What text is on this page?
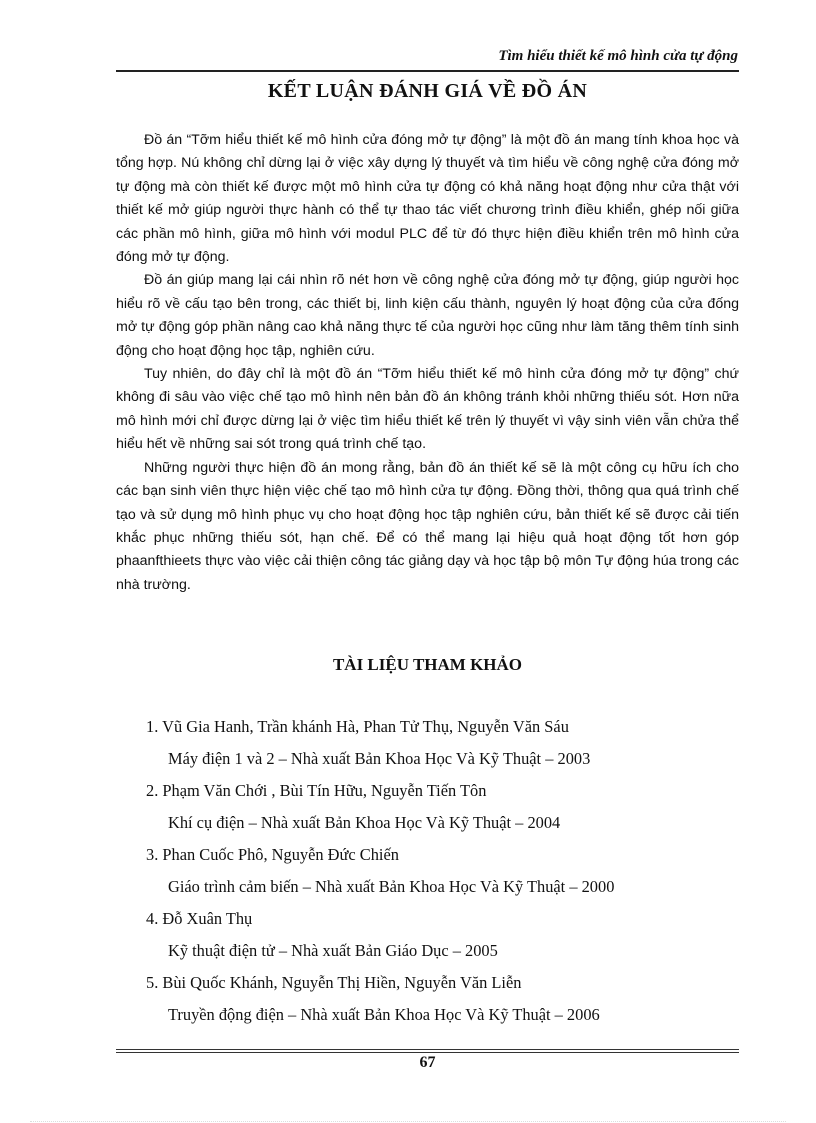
Tìm hiểu thiết kế mô hình cửa tự động
KẾT LUẬN ĐÁNH GIÁ VỀ ĐỒ ÁN

Đồ án “Tỡm hiểu thiết kế mô hình cửa đóng mở tự động” là một đồ án mang tính khoa học và tổng hợp. Nú không chỉ dừng lại ở việc xây dựng lý thuyết và tìm hiểu về công nghệ cửa đóng mở tự động mà còn thiết kế được một mô hình cửa tự động có khả năng hoạt động như cửa thật với thiết kế mở giúp người thực hành có thể tự thao tác viết chương trình điều khiển, ghép nối giữa các phần mô hình, giữa mô hình với modul PLC để từ đó thực hiện điều khiển trên mô hình cửa đóng mở tự động.

Đồ án giúp mang lại cái nhìn rõ nét hơn về công nghệ cửa đóng mở tự động, giúp người học hiểu rõ về cấu tạo bên trong, các thiết bị, linh kiện cấu thành, nguyên lý hoạt động của cửa đống mở tự động góp phần nâng cao khả năng thực tế của người học cũng như làm tăng thêm tính sinh động cho hoạt động học tập, nghiên cứu.

Tuy nhiên, do đây chỉ là một đồ án “Tỡm hiểu thiết kế mô hình cửa đóng mở tự động” chứ không đi sâu vào việc chế tạo mô hình nên bản đồ án không tránh khỏi những thiếu sót. Hơn nữa mô hình mới chỉ được dừng lại ở việc tìm hiểu thiết kế trên lý thuyết vì vậy sinh viên vẫn chửa thể hiểu hết về những sai sót trong quá trình chế tạo.

Những người thực hiện đồ án mong rằng, bản đồ án thiết kế sẽ là một công cụ hữu ích cho các bạn sinh viên thực hiện việc chế tạo mô hình cửa tự động. Đồng thời, thông qua quá trình chế tạo và sử dụng mô hình phục vụ cho hoạt động học tập nghiên cứu, bản thiết kế sẽ được cải tiến khắc phục những thiếu sót, hạn chế. Để có thể mang lại hiệu quả hoạt động tốt hơn góp phaanfthieets thực vào việc cải thiện công tác giảng dạy và học tập bộ môn Tự động húa trong các nhà trường.

TÀI LIỆU THAM KHẢO
1. Vũ Gia Hanh, Trần khánh Hà, Phan Tử Thụ, Nguyễn Văn Sáu
Máy điện 1 và 2 – Nhà xuất Bản Khoa Học Và Kỹ Thuật – 2003
2. Phạm Văn Chới , Bùi Tín Hữu, Nguyễn Tiến Tôn
Khí cụ điện – Nhà xuất Bản Khoa Học Và Kỹ Thuật – 2004
3. Phan Cuốc Phô, Nguyễn Đức Chiến
Giáo trình cảm biến – Nhà xuất Bản Khoa Học Và Kỹ Thuật – 2000
4. Đỗ Xuân Thụ
Kỹ thuật điện tử – Nhà xuất Bản Giáo Dục – 2005
5. Bùi Quốc Khánh, Nguyễn Thị Hiền, Nguyễn Văn Liễn
Truyền động điện – Nhà xuất Bản Khoa Học Và Kỹ Thuật – 2006
67
